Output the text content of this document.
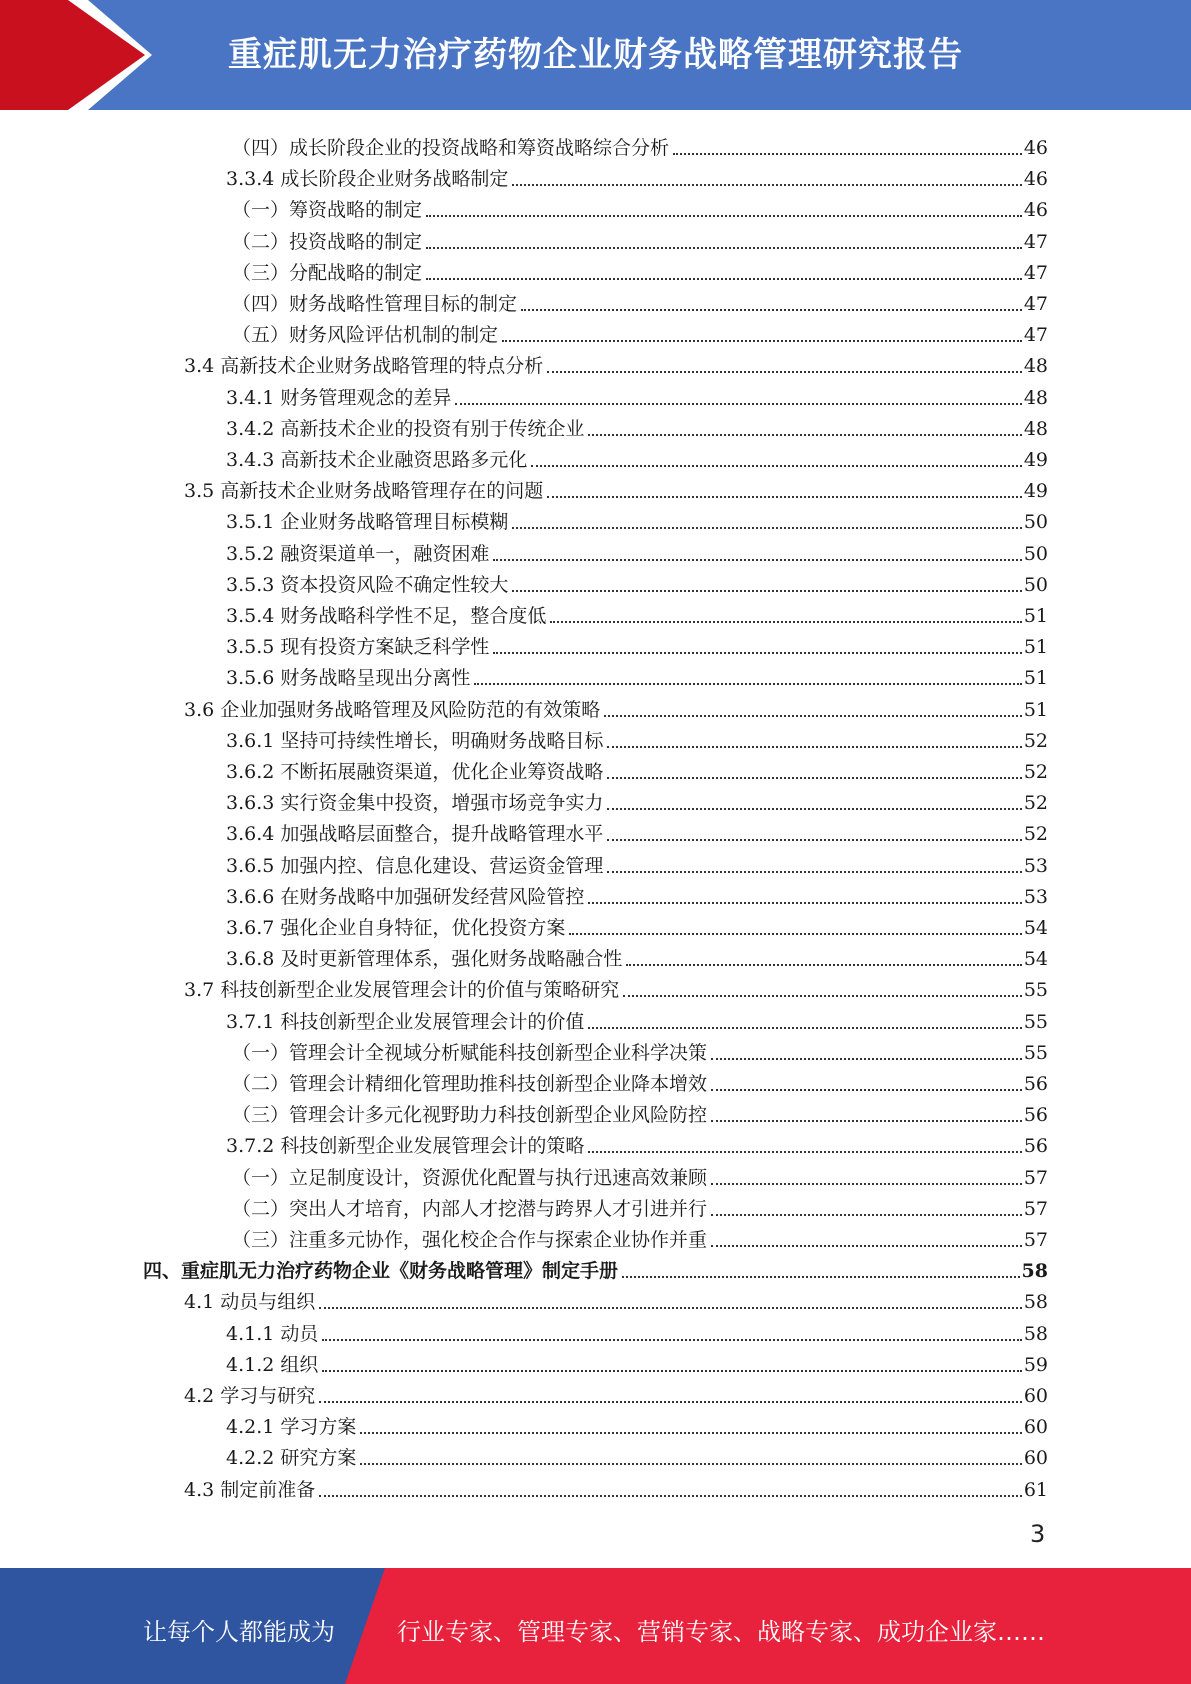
重症肌无力治疗药物企业财务战略管理研究报告
（四）成长阶段企业的投资战略和筹资战略综合分析	46
3.3.4 成长阶段企业财务战略制定	46
（一）筹资战略的制定	46
（二）投资战略的制定	47
（三）分配战略的制定	47
（四）财务战略性管理目标的制定	47
（五）财务风险评估机制的制定	47
3.4 高新技术企业财务战略管理的特点分析	48
3.4.1 财务管理观念的差异	48
3.4.2 高新技术企业的投资有别于传统企业	48
3.4.3 高新技术企业融资思路多元化	49
3.5 高新技术企业财务战略管理存在的问题	49
3.5.1 企业财务战略管理目标模糊	50
3.5.2 融资渠道单一，融资困难	50
3.5.3 资本投资风险不确定性较大	50
3.5.4 财务战略科学性不足，整合度低	51
3.5.5 现有投资方案缺乏科学性	51
3.5.6 财务战略呈现出分离性	51
3.6 企业加强财务战略管理及风险防范的有效策略	51
3.6.1 坚持可持续性增长，明确财务战略目标	52
3.6.2 不断拓展融资渠道，优化企业筹资战略	52
3.6.3 实行资金集中投资，增强市场竞争实力	52
3.6.4 加强战略层面整合，提升战略管理水平	52
3.6.5 加强内控、信息化建设、营运资金管理	53
3.6.6 在财务战略中加强研发经营风险管控	53
3.6.7 强化企业自身特征，优化投资方案	54
3.6.8 及时更新管理体系，强化财务战略融合性	54
3.7 科技创新型企业发展管理会计的价值与策略研究	55
3.7.1 科技创新型企业发展管理会计的价值	55
（一）管理会计全视域分析赋能科技创新型企业科学决策	55
（二）管理会计精细化管理助推科技创新型企业降本增效	56
（三）管理会计多元化视野助力科技创新型企业风险防控	56
3.7.2 科技创新型企业发展管理会计的策略	56
（一）立足制度设计，资源优化配置与执行迅速高效兼顾	57
（二）突出人才培育，内部人才挖潜与跨界人才引进并行	57
（三）注重多元协作，强化校企合作与探索企业协作并重	57
四、重症肌无力治疗药物企业《财务战略管理》制定手册	58
4.1 动员与组织	58
4.1.1 动员	58
4.1.2 组织	59
4.2 学习与研究	60
4.2.1 学习方案	60
4.2.2 研究方案	60
4.3 制定前准备	61
3
让每个人都能成为	行业专家、管理专家、营销专家、战略专家、成功企业家……
